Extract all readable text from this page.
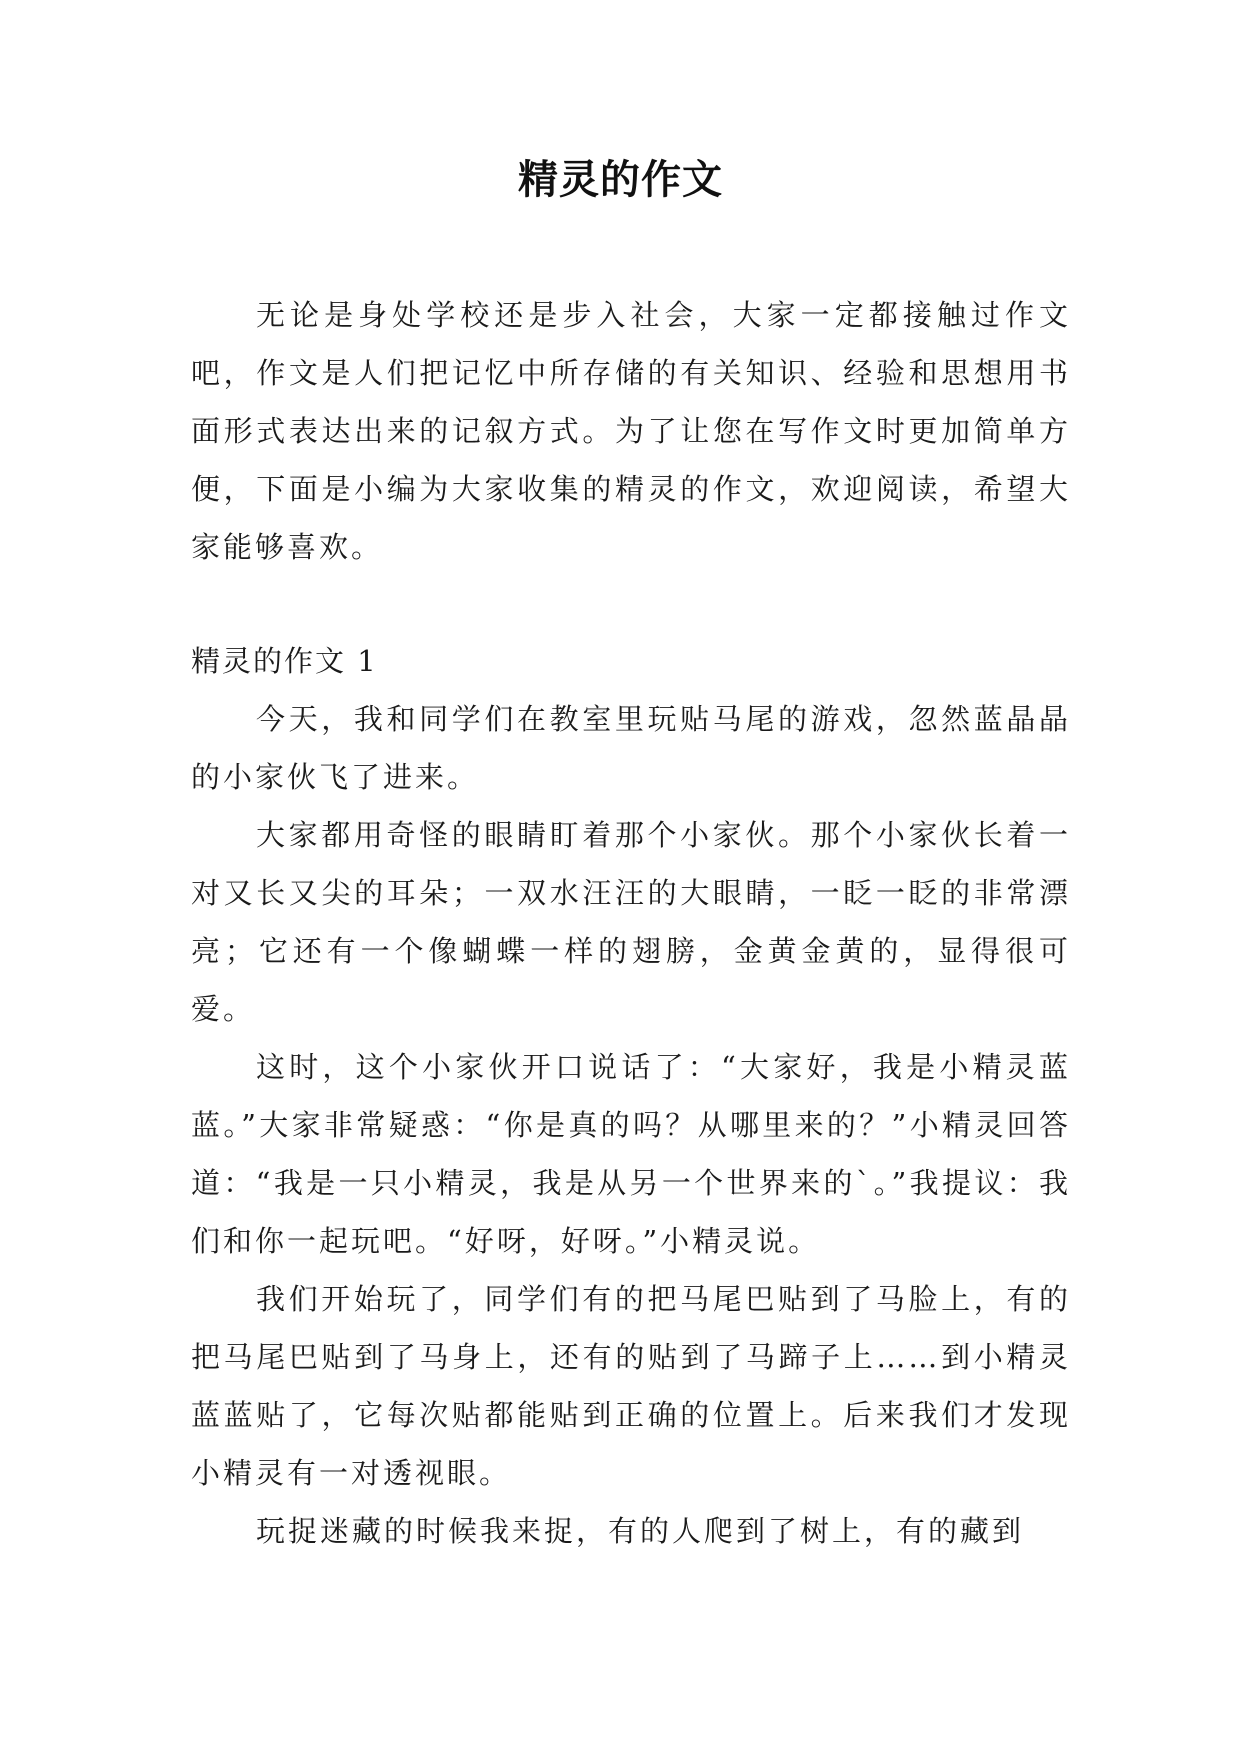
精灵的作文

无论是身处学校还是步入社会，大家一定都接触过作文吧，作文是人们把记忆中所存储的有关知识、经验和思想用书面形式表达出来的记叙方式。为了让您在写作文时更加简单方便，下面是小编为大家收集的精灵的作文，欢迎阅读，希望大家能够喜欢。

精灵的作文 1

今天，我和同学们在教室里玩贴马尾的游戏，忽然蓝晶晶的小家伙飞了进来。

大家都用奇怪的眼睛盯着那个小家伙。那个小家伙长着一对又长又尖的耳朵；一双水汪汪的大眼睛，一眨一眨的非常漂亮；它还有一个像蝴蝶一样的翅膀，金黄金黄的，显得很可爱。

这时，这个小家伙开口说话了：“大家好，我是小精灵蓝蓝。”大家非常疑惑：“你是真的吗？从哪里来的？”小精灵回答道：“我是一只小精灵，我是从另一个世界来的`。”我提议：我们和你一起玩吧。“好呀，好呀。”小精灵说。

我们开始玩了，同学们有的把马尾巴贴到了马脸上，有的把马尾巴贴到了马身上，还有的贴到了马蹄子上……到小精灵蓝蓝贴了，它每次贴都能贴到正确的位置上。后来我们才发现小精灵有一对透视眼。

玩捉迷藏的时候我来捉，有的人爬到了树上，有的藏到
